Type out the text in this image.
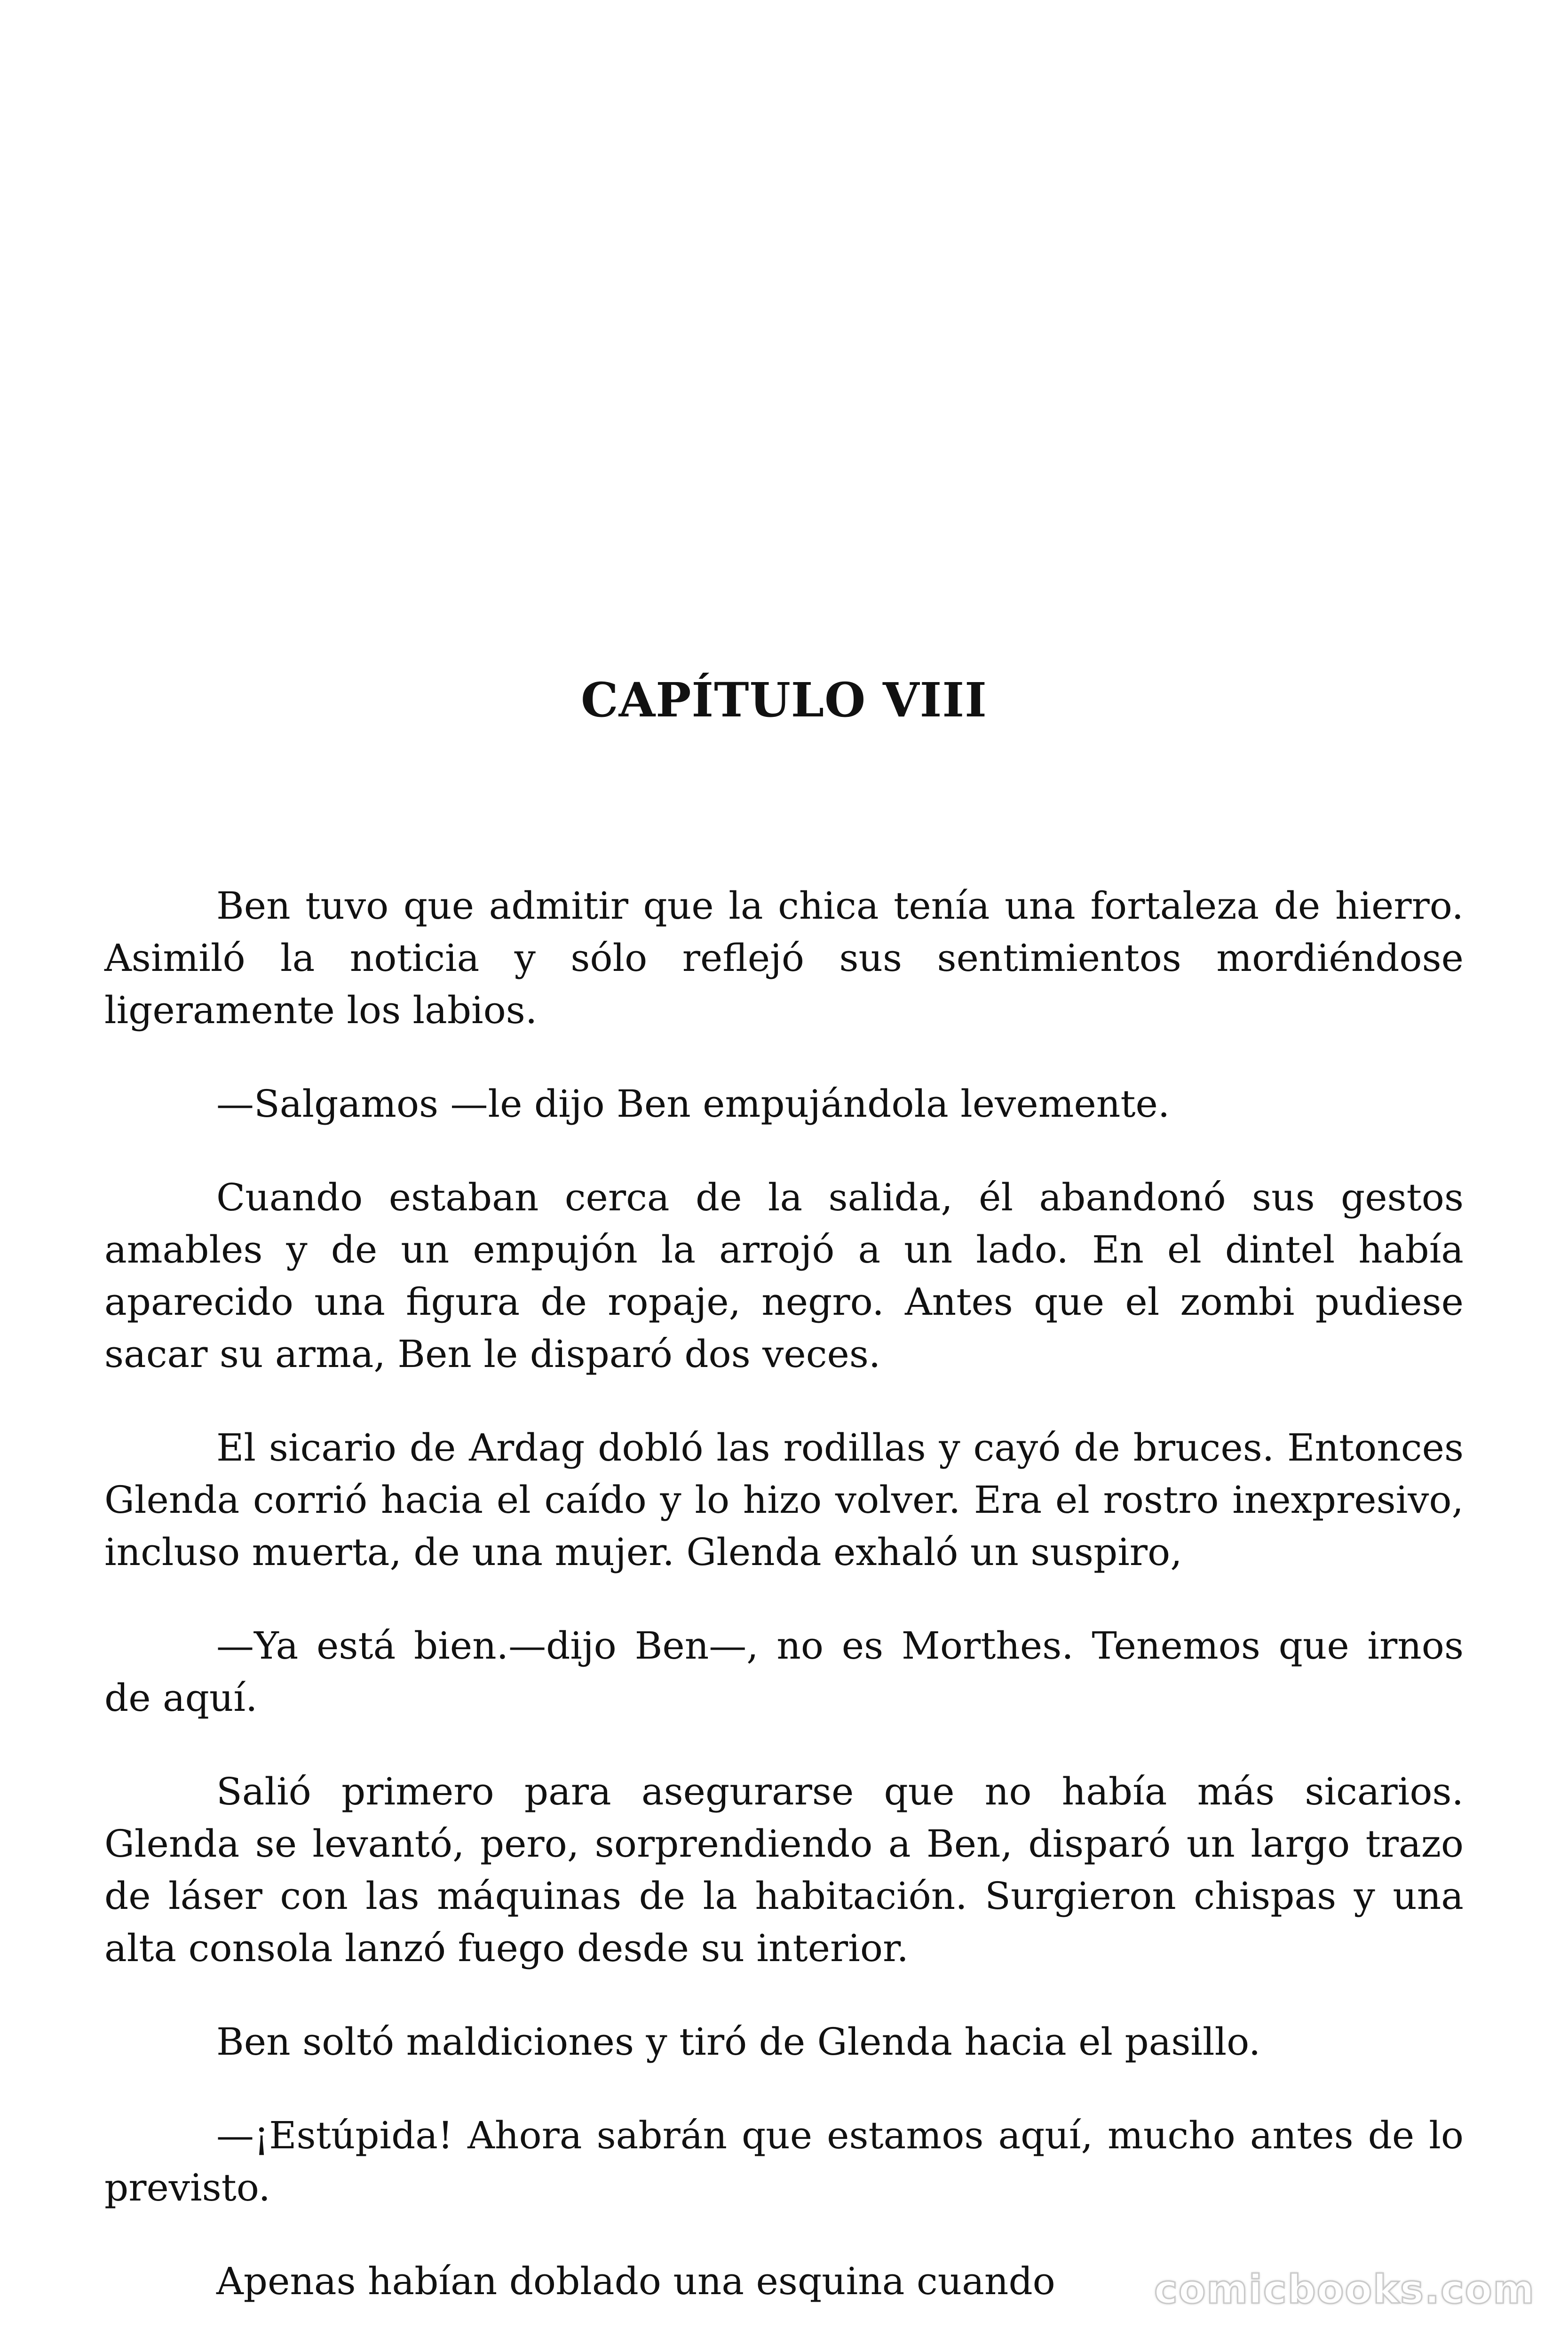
CAPÍTULO VIII

Ben tuvo que admitir que la chica tenía una fortaleza de hierro. Asimiló la noticia y sólo reflejó sus sentimientos mordiéndose ligeramente los labios.

—Salgamos —le dijo Ben empujándola levemente.

Cuando estaban cerca de la salida, él abandonó sus gestos amables y de un empujón la arrojó a un lado. En el dintel había aparecido una figura de ropaje, negro. Antes que el zombi pudiese sacar su arma, Ben le disparó dos veces.

El sicario de Ardag dobló las rodillas y cayó de bruces. Entonces Glenda corrió hacia el caído y lo hizo volver. Era el rostro inexpresivo, incluso muerta, de una mujer. Glenda exhaló un suspiro,

—Ya está bien.—dijo Ben—, no es Morthes. Tenemos que irnos de aquí.

Salió primero para asegurarse que no había más sicarios. Glenda se levantó, pero, sorprendiendo a Ben, disparó un largo trazo de láser con las máquinas de la habitación. Surgieron chispas y una alta consola lanzó fuego desde su interior.

Ben soltó maldiciones y tiró de Glenda hacia el pasillo.

—¡Estúpida! Ahora sabrán que estamos aquí, mucho antes de lo previsto.

Apenas habían doblado una esquina cuando	comicbooks.com
